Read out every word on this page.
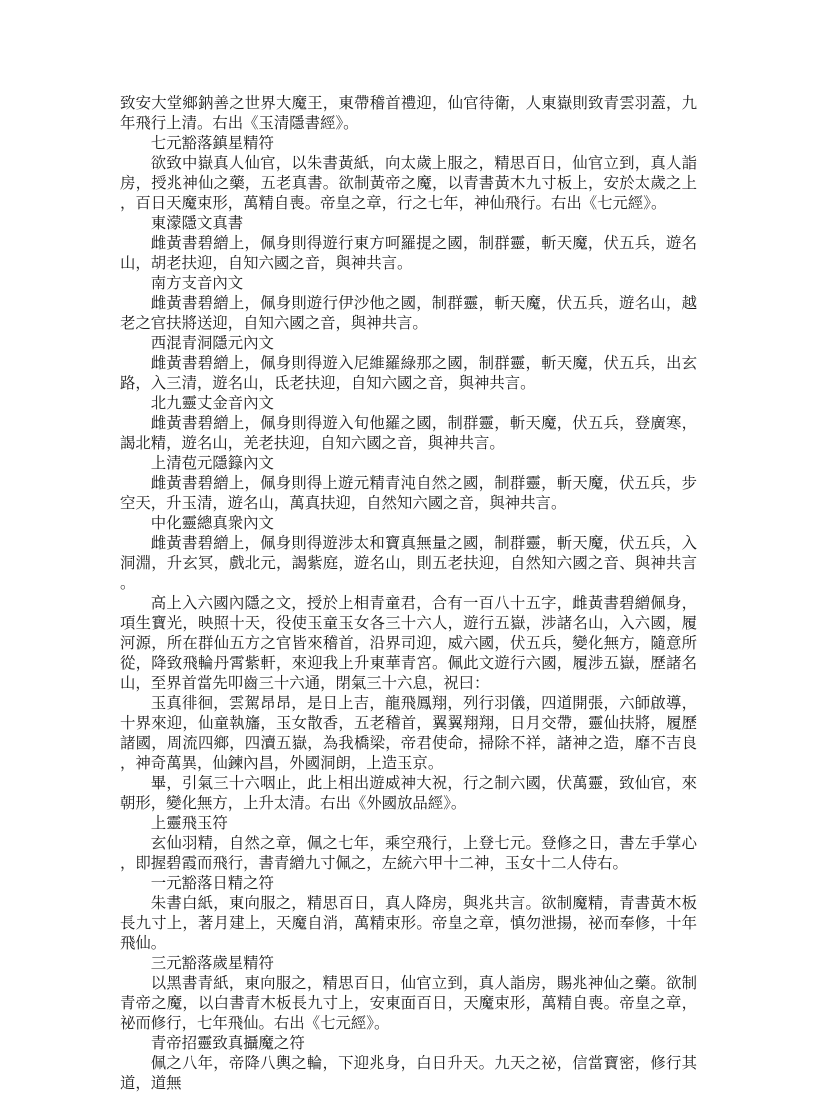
致安大堂鄉鈉善之世界大魔王，東帶稽首禮迎，仙官待衛，人東嶽則致青雲羽蓋，九年飛行上清。右出《玉清隱書經》。

七元豁落鎮星精符

欲致中嶽真人仙官，以朱書黃紙，向太歲上服之，精思百日，仙官立到，真人詣房，授兆神仙之藥，五老真書。欲制黃帝之魔，以青書黃木九寸板上，安於太歲之上，百日天魔束形，萬精自喪。帝皇之章，行之七年，神仙飛行。右出《七元經》。

東濛隱文真書

雌黃書碧繒上，佩身則得遊行東方呵羅提之國，制群靈，斬天魔，伏五兵，遊名山，胡老扶迎，自知六國之音，與神共言。

南方支音內文

雌黃書碧繒上，佩身則遊行伊沙他之國，制群靈，斬天魔，伏五兵，遊名山，越老之官扶將送迎，自知六國之音，與神共言。

西混青洞隱元內文

雌黃書碧繒上，佩身則得遊入尼維羅綠那之國，制群靈，斬天魔，伏五兵，出玄路，入三清，遊名山，氐老扶迎，自知六國之音，與神共言。

北九靈丈金音內文

雌黃書碧繒上，佩身則得遊入旬他羅之國，制群靈，斬天魔，伏五兵，登廣寒，謁北精，遊名山，羌老扶迎，自知六國之音，與神共言。

上清苞元隱籙內文

雌黃書碧繒上，佩身則得上遊元精青沌自然之國，制群靈，斬天魔，伏五兵，步空天，升玉清，遊名山，萬真扶迎，自然知六國之音，與神共言。

中化靈總真衆內文

雌黃書碧繒上，佩身則得遊涉太和寶真無量之國，制群靈，斬天魔，伏五兵，入洞淵，升玄冥，戲北元，謁紫庭，遊名山，則五老扶迎，自然知六國之音、與神共言。

高上入六國內隱之文，授於上相青童君，合有一百八十五字，雌黃書碧繒佩身，項生寶光，映照十天，役使玉童玉女各三十六人，遊行五嶽，涉諸名山，入六國，履河源，所在群仙五方之官皆來稽首，沿界司迎，威六國，伏五兵，變化無方，隨意所從，降致飛輪丹霄紫軒，來迎我上升東華青宮。佩此文遊行六國，履涉五嶽，歷諸名山，至界首當先叩齒三十六通，閉氣三十六息，祝曰：

玉真徘徊，雲駕昂昂，是日上吉，龍飛鳳翔，列行羽儀，四道開張，六師啟導，十界來迎，仙童執旛，玉女散香，五老稽首，翼翼翔翔，日月交帶，靈仙扶將，履歷諸國，周流四鄉，四瀆五嶽，為我橋梁，帝君使命，掃除不祥，諸神之造，靡不吉良，神奇萬異，仙鍊內昌，外國洞朗，上造玉京。

畢，引氣三十六咽止，此上相出遊威神大祝，行之制六國，伏萬靈，致仙官，來朝形，變化無方，上升太清。右出《外國放品經》。

上靈飛玉符

玄仙羽精，自然之章，佩之七年，乘空飛行，上登七元。登修之日，書左手掌心，即握碧霞而飛行，書青繒九寸佩之，左統六甲十二神，玉女十二人侍右。

一元豁落日精之符

朱書白紙，東向服之，精思百日，真人降房，與兆共言。欲制魔精，青書黃木板長九寸上，著月建上，天魔自消，萬精束形。帝皇之章，慎勿泄揚，祕而奉修，十年飛仙。

三元豁落歲星精符

以黑書青紙，東向服之，精思百日，仙官立到，真人詣房，賜兆神仙之藥。欲制青帝之魔，以白書青木板長九寸上，安東面百日，天魔束形，萬精自喪。帝皇之章，祕而修行，七年飛仙。右出《七元經》。

青帝招靈致真攝魔之符

佩之八年，帝降八輿之輪，下迎兆身，白日升天。九天之祕，信當寶密，修行其道，道無
